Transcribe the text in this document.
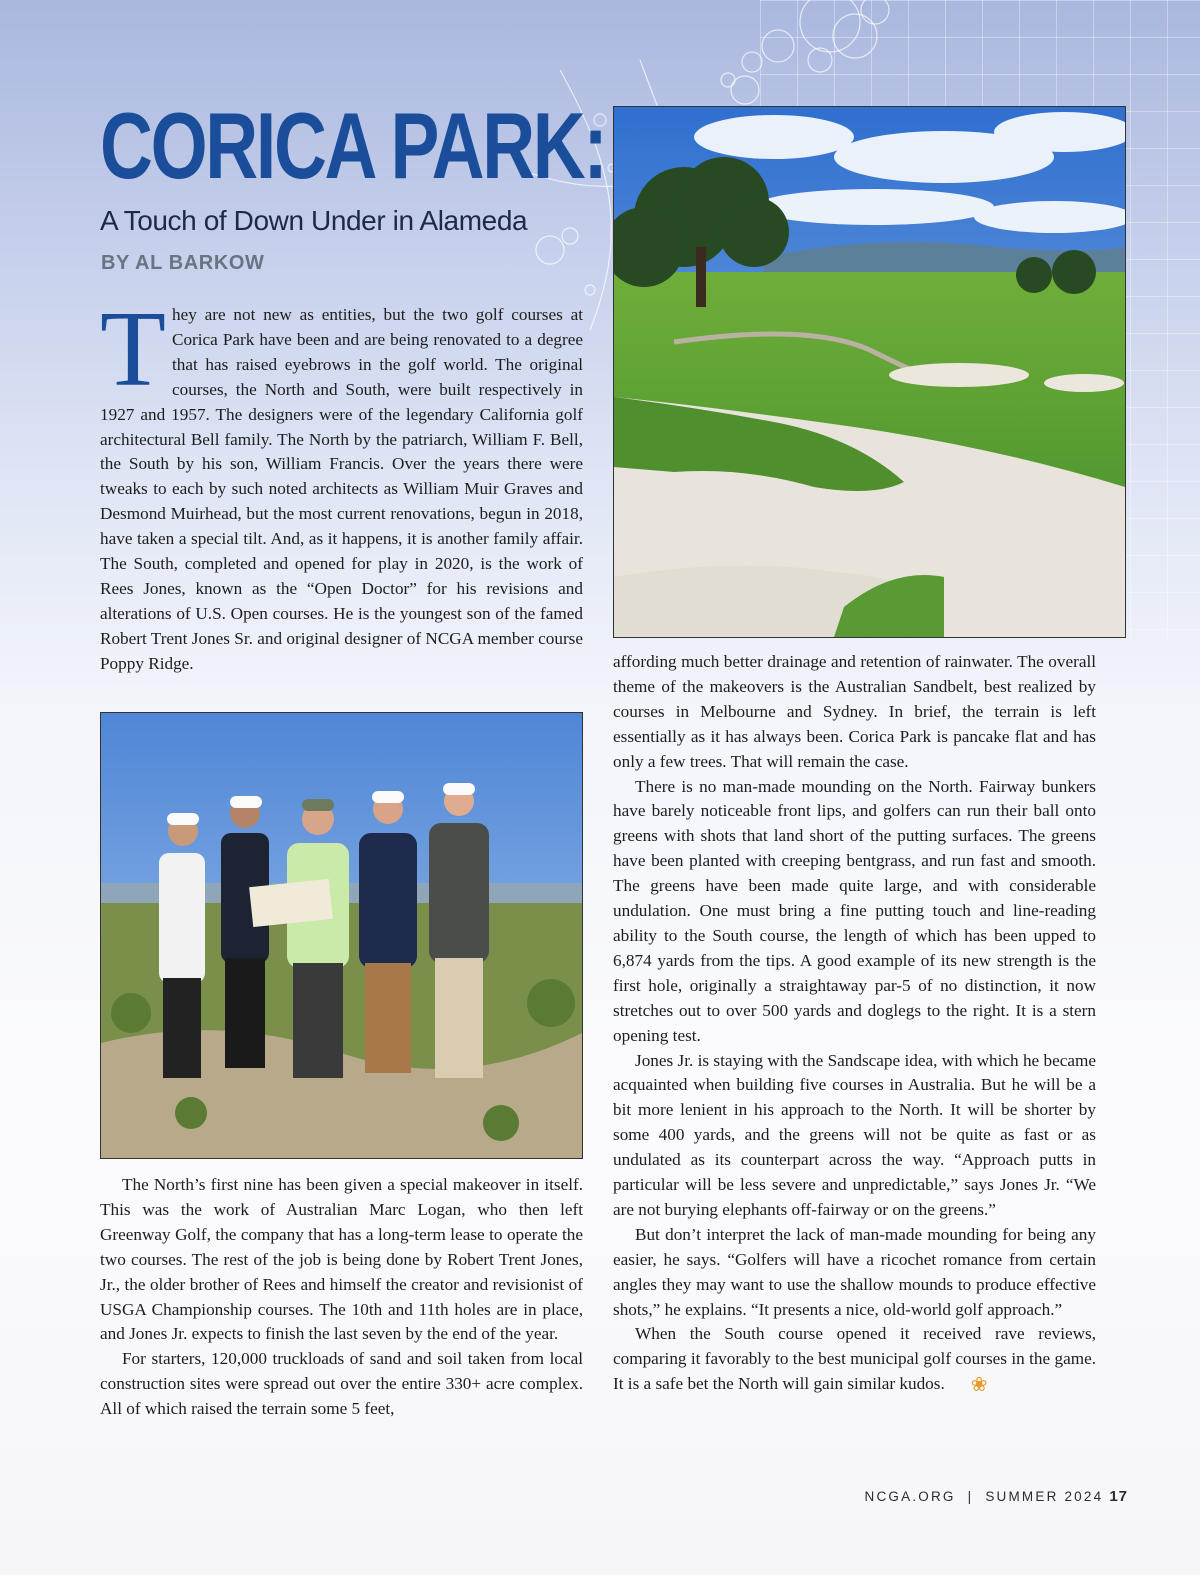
CORICA PARK:
A Touch of Down Under in Alameda
BY AL BARKOW

They are not new as entities, but the two golf courses at Corica Park have been and are being renovated to a degree that has raised eyebrows in the golf world. The original courses, the North and South, were built respectively in 1927 and 1957. The designers were of the legendary California golf architectural Bell family. The North by the patriarch, William F. Bell, the South by his son, William Francis. Over the years there were tweaks to each by such noted architects as William Muir Graves and Desmond Muirhead, but the most current renovations, begun in 2018, have taken a special tilt. And, as it happens, it is another family affair. The South, completed and opened for play in 2020, is the work of Rees Jones, known as the “Open Doctor” for his revisions and alterations of U.S. Open courses. He is the youngest son of the famed Robert Trent Jones Sr. and original designer of NCGA member course Poppy Ridge.

The North’s first nine has been given a special makeover in itself. This was the work of Australian Marc Logan, who then left Greenway Golf, the company that has a long-term lease to operate the two courses. The rest of the job is being done by Robert Trent Jones, Jr., the older brother of Rees and himself the creator and revisionist of USGA Championship courses. The 10th and 11th holes are in place, and Jones Jr. expects to finish the last seven by the end of the year.

For starters, 120,000 truckloads of sand and soil taken from local construction sites were spread out over the entire 330+ acre complex. All of which raised the terrain some 5 feet,

affording much better drainage and retention of rainwater. The overall theme of the makeovers is the Australian Sandbelt, best realized by courses in Melbourne and Sydney. In brief, the terrain is left essentially as it has always been. Corica Park is pancake flat and has only a few trees. That will remain the case.

There is no man-made mounding on the North. Fairway bunkers have barely noticeable front lips, and golfers can run their ball onto greens with shots that land short of the putting surfaces. The greens have been planted with creeping bentgrass, and run fast and smooth. The greens have been made quite large, and with considerable undulation. One must bring a fine putting touch and line-reading ability to the South course, the length of which has been upped to 6,874 yards from the tips. A good example of its new strength is the first hole, originally a straightaway par-5 of no distinction, it now stretches out to over 500 yards and doglegs to the right. It is a stern opening test.

Jones Jr. is staying with the Sandscape idea, with which he became acquainted when building five courses in Australia. But he will be a bit more lenient in his approach to the North. It will be shorter by some 400 yards, and the greens will not be quite as fast or as undulated as its counterpart across the way. “Approach putts in particular will be less severe and unpredictable,” says Jones Jr. “We are not burying elephants off-fairway or on the greens.”

But don’t interpret the lack of man-made mounding for being any easier, he says. “Golfers will have a ricochet romance from certain angles they may want to use the shallow mounds to produce effective shots,” he explains. “It presents a nice, old-world golf approach.”

When the South course opened it received rave reviews, comparing it favorably to the best municipal golf courses in the game. It is a safe bet the North will gain similar kudos. ❀

NCGA.ORG | SUMMER 2024 17
